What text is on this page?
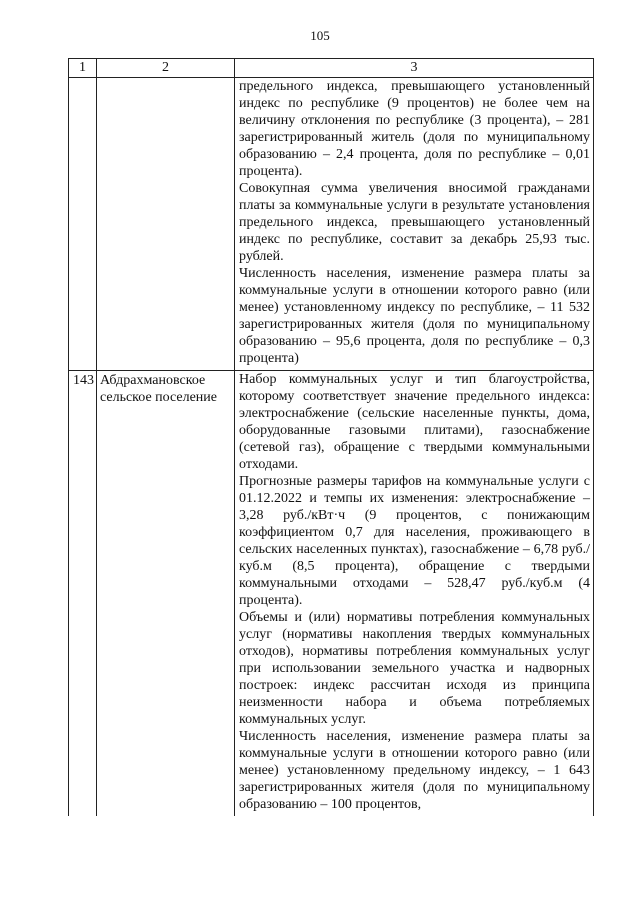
105
1	2	3

		предельного индекса, превышающего установленный индекс по республике (9 процентов) не более чем на величину отклонения по республике (3 процента), – 281 зарегистрированный житель (доля по муниципальному образованию – 2,4 процента, доля по республике – 0,01 процента).

Совокупная сумма увеличения вносимой гражданами платы за коммунальные услуги в результате установления предельного индекса, превышающего установленный индекс по республике, составит за декабрь 25,93 тыс. рублей.

Численность населения, изменение размера платы за коммунальные услуги в отношении которого равно (или менее) установленному индексу по республике, – 11 532 зарегистрированных жителя (доля по муниципальному образованию – 95,6 процента, доля по республике – 0,3 процента)

143	Абдрахмановское сельское поселение	Набор коммунальных услуг и тип благоустройства, которому соответствует значение предельного индекса: электроснабжение (сельские населенные пункты, дома, оборудованные газовыми плитами), газоснабжение (сетевой газ), обращение с твердыми коммунальными отходами.

Прогнозные размеры тарифов на коммунальные услуги с 01.12.2022 и темпы их изменения: электроснабжение – 3,28 руб./кВт·ч (9 процентов, с понижающим коэффициентом 0,7 для населения, проживающего в сельских населенных пунктах), газоснабжение – 6,78 руб./куб.м (8,5 процента), обращение с твердыми коммунальными отходами – 528,47 руб./куб.м (4 процента).

Объемы и (или) нормативы потребления коммунальных услуг (нормативы накопления твердых коммунальных отходов), нормативы потребления коммунальных услуг при использовании земельного участка и надворных построек: индекс рассчитан исходя из принципа неизменности набора и объема потребляемых коммунальных услуг.

Численность населения, изменение размера платы за коммунальные услуги в отношении которого равно (или менее) установленному предельному индексу, – 1 643 зарегистрированных жителя (доля по муниципальному образованию – 100 процентов,
